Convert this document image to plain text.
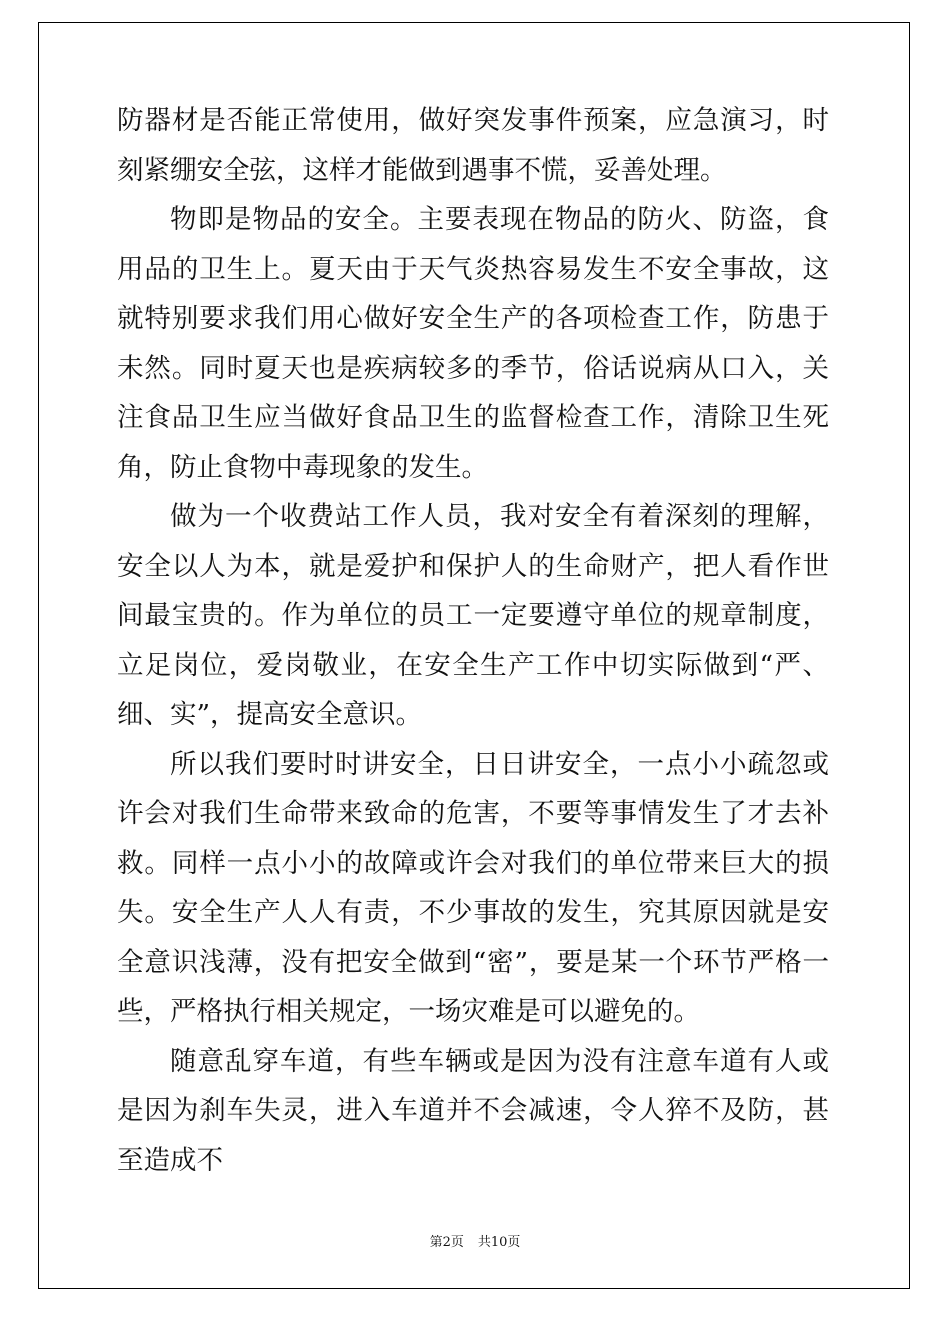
防器材是否能正常使用，做好突发事件预案，应急演习，时刻紧绷安全弦，这样才能做到遇事不慌，妥善处理。

物即是物品的安全。主要表现在物品的防火、防盗，食用品的卫生上。夏天由于天气炎热容易发生不安全事故，这就特别要求我们用心做好安全生产的各项检查工作，防患于未然。同时夏天也是疾病较多的季节，俗话说病从口入，关注食品卫生应当做好食品卫生的监督检查工作，清除卫生死角，防止食物中毒现象的发生。

做为一个收费站工作人员，我对安全有着深刻的理解，安全以人为本，就是爱护和保护人的生命财产，把人看作世间最宝贵的。作为单位的员工一定要遵守单位的规章制度，立足岗位，爱岗敬业，在安全生产工作中切实际做到“严、细、实”，提高安全意识。

所以我们要时时讲安全，日日讲安全，一点小小疏忽或许会对我们生命带来致命的危害，不要等事情发生了才去补救。同样一点小小的故障或许会对我们的单位带来巨大的损失。安全生产人人有责，不少事故的发生，究其原因就是安全意识浅薄，没有把安全做到“密”，要是某一个环节严格一些，严格执行相关规定，一场灾难是可以避免的。

随意乱穿车道，有些车辆或是因为没有注意车道有人或是因为刹车失灵，进入车道并不会减速，令人猝不及防，甚至造成不

第2页 共10页
